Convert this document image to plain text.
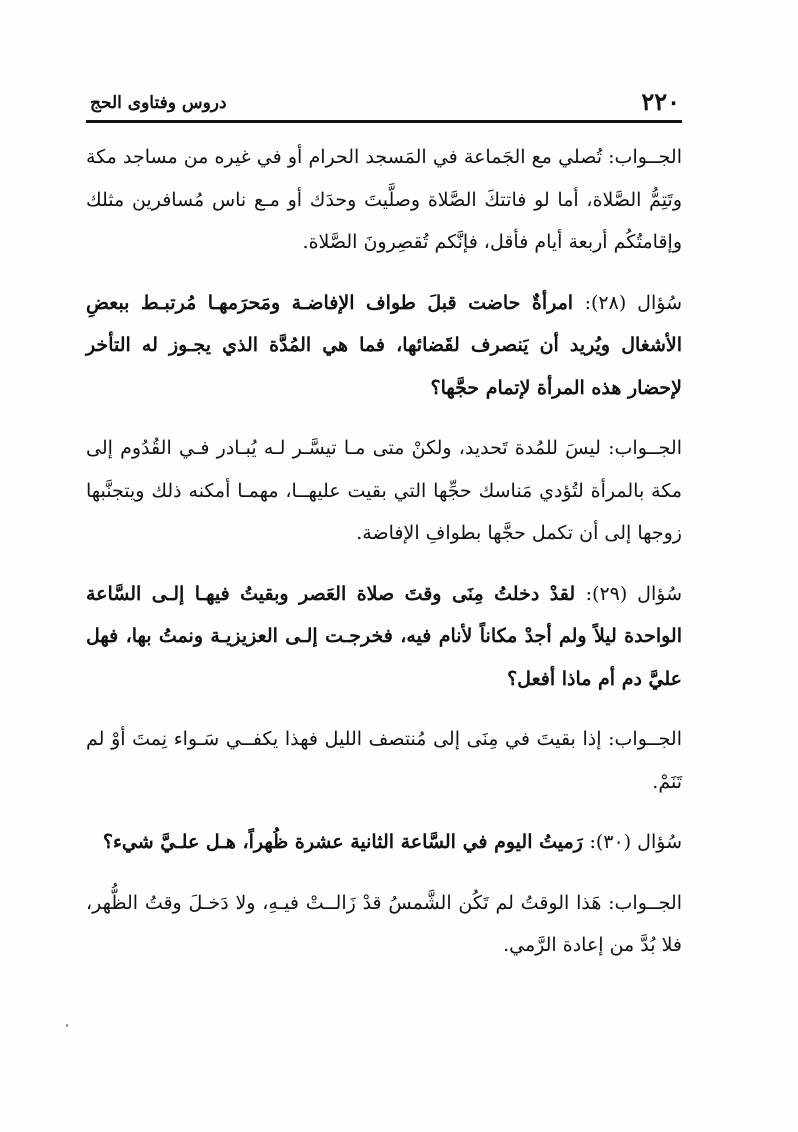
٢٢٠
دروس وفتاوى الحج

الجــواب: تُصلي مع الجَماعة في المَسجد الحرام أو في غيره من مساجد مكة وتَتِمُّ الصَّلاة، أما لو فاتتكَ الصَّلاة وصلَّيتَ وحدَك أو مـع ناس مُسافرين مثلك وإقامتُكُم أربعة أيام فأقل، فإنَّكم تُقصِرونَ الصَّلاة.

سُؤال (٢٨): امرأةٌ حاضت قبلَ طواف الإفاضـة ومَحرَمهـا مُرتبـط ببعضِ الأشغال ويُريد أن يَنصرف لقَضائها، فما هي المُدَّة الذي يجـوز له التأخر لإحضار هذه المرأة لإتمام حجَّها؟

الجــواب: ليسَ للمُدة تَحديد، ولكنْ متى مـا تيسَّـر لـه يُبـادر فـي القُدُوم إلى مكة بالمرأة لتُؤدي مَناسك حجِّها التي بقيت عليهــا، مهمـا أمكنه ذلك ويتجنَّبها زوجها إلى أن تكمل حجَّها بطوافِ الإفاضة.

سُؤال (٢٩): لقدْ دخلتُ مِنَى وقتَ صلاة العَصر وبقيتُ فيهـا إلـى السَّاعة الواحدة ليلاً ولم أجدْ مكاناً لأنام فيه، فخرجـت إلـى العزيزيـة ونمتُ بها، فهل عليَّ دم أم ماذا أفعل؟

الجــواب: إذا بقيتَ في مِنَى إلى مُنتصف الليل فهذا يكفــي سَـواء نِمتَ أوْ لم تَنَمْ.

سُؤال (٣٠): رَميتُ اليوم في السَّاعة الثانية عشرة ظُهراً، هـل علـيَّ شيء؟

الجــواب: هَذا الوقتُ لم تَكُن الشَّمسُ قدْ زَالــتْ فيـهِ، ولا دَخـلَ وقتُ الظُّهر، فلا بُدَّ من إعادة الرَّمي.
